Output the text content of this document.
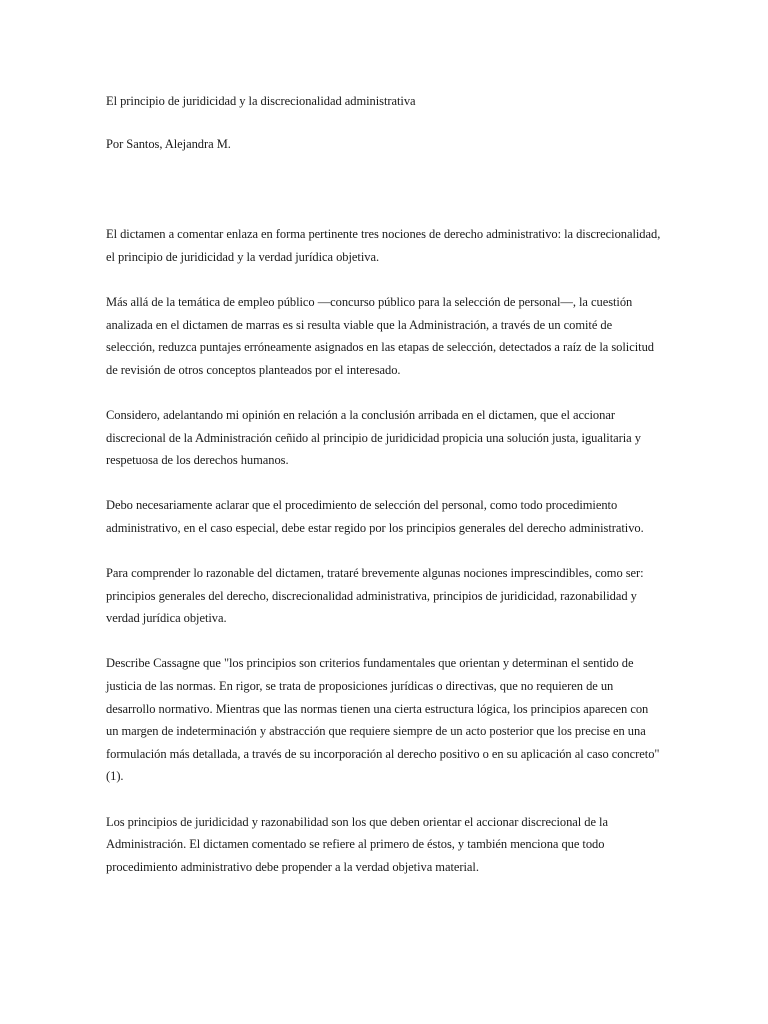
El principio de juridicidad y la discrecionalidad administrativa

Por Santos, Alejandra M.

El dictamen a comentar enlaza en forma pertinente tres nociones de derecho administrativo: la discrecionalidad, el principio de juridicidad y la verdad jurídica objetiva.

Más allá de la temática de empleo público —concurso público para la selección de personal—, la cuestión analizada en el dictamen de marras es si resulta viable que la Administración, a través de un comité de selección, reduzca puntajes erróneamente asignados en las etapas de selección, detectados a raíz de la solicitud de revisión de otros conceptos planteados por el interesado.

Considero, adelantando mi opinión en relación a la conclusión arribada en el dictamen, que el accionar discrecional de la Administración ceñido al principio de juridicidad propicia una solución justa, igualitaria y respetuosa de los derechos humanos.

Debo necesariamente aclarar que el procedimiento de selección del personal, como todo procedimiento administrativo, en el caso especial, debe estar regido por los principios generales del derecho administrativo.

Para comprender lo razonable del dictamen, trataré brevemente algunas nociones imprescindibles, como ser: principios generales del derecho, discrecionalidad administrativa, principios de juridicidad, razonabilidad y verdad jurídica objetiva.

Describe Cassagne que "los principios son criterios fundamentales que orientan y determinan el sentido de justicia de las normas. En rigor, se trata de proposiciones jurídicas o directivas, que no requieren de un desarrollo normativo. Mientras que las normas tienen una cierta estructura lógica, los principios aparecen con un margen de indeterminación y abstracción que requiere siempre de un acto posterior que los precise en una formulación más detallada, a través de su incorporación al derecho positivo o en su aplicación al caso concreto"(1).

Los principios de juridicidad y razonabilidad son los que deben orientar el accionar discrecional de la Administración. El dictamen comentado se refiere al primero de éstos, y también menciona que todo procedimiento administrativo debe propender a la verdad objetiva material.
